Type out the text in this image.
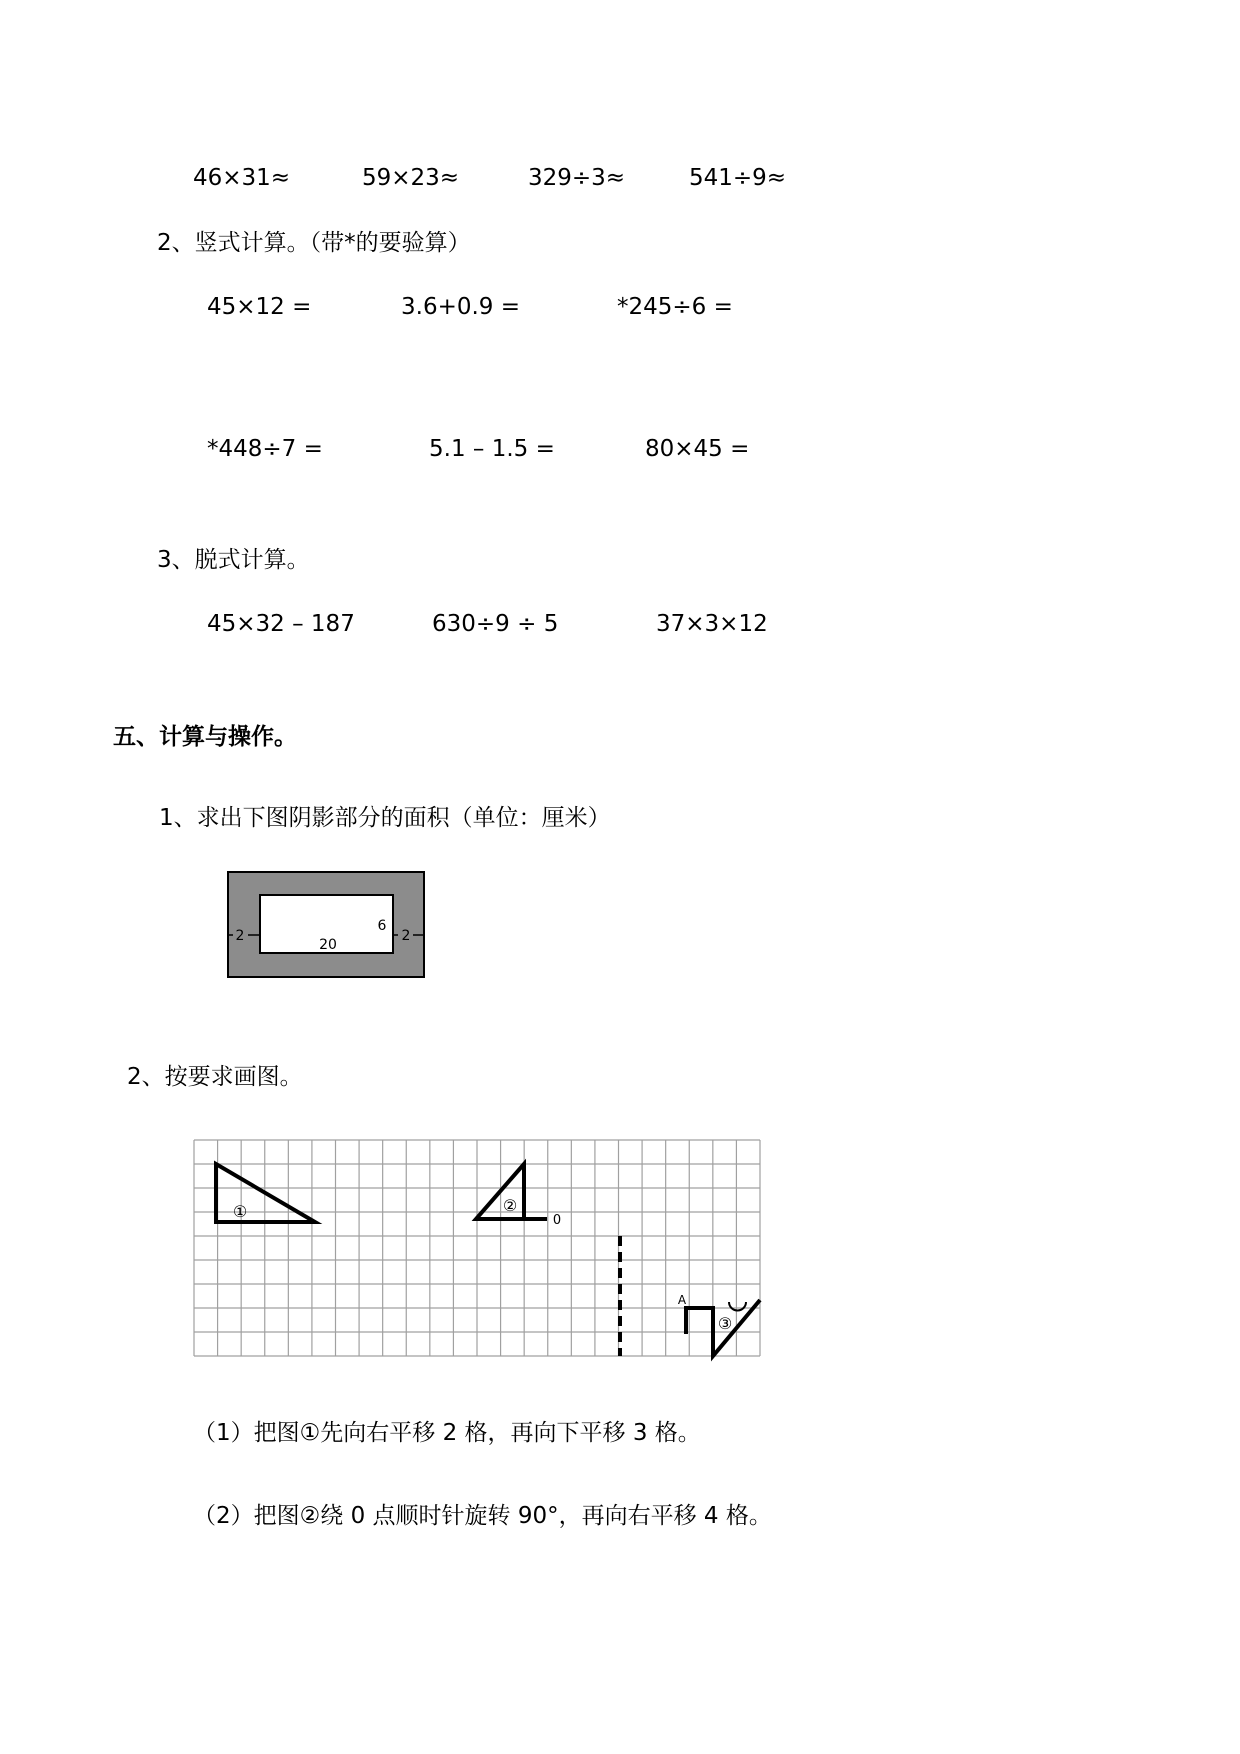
46×31≈	59×23≈	329÷3≈	541÷9≈
2、竖式计算。（带*的要验算）
45×12 =	3.6+0.9 =	*245÷6 =
*448÷7 =	5.1 – 1.5 =	80×45 =
3、脱式计算。
45×32 – 187	630÷9 ÷ 5	37×3×12
五、计算与操作。
1、求出下图阴影部分的面积（单位：厘米）
2	2
20
6
2、按要求画图。
①	②
0
③
A
（1）把图①先向右平移 2 格，再向下平移 3 格。
（2）把图②绕 0 点顺时针旋转 90°，再向右平移 4 格。
